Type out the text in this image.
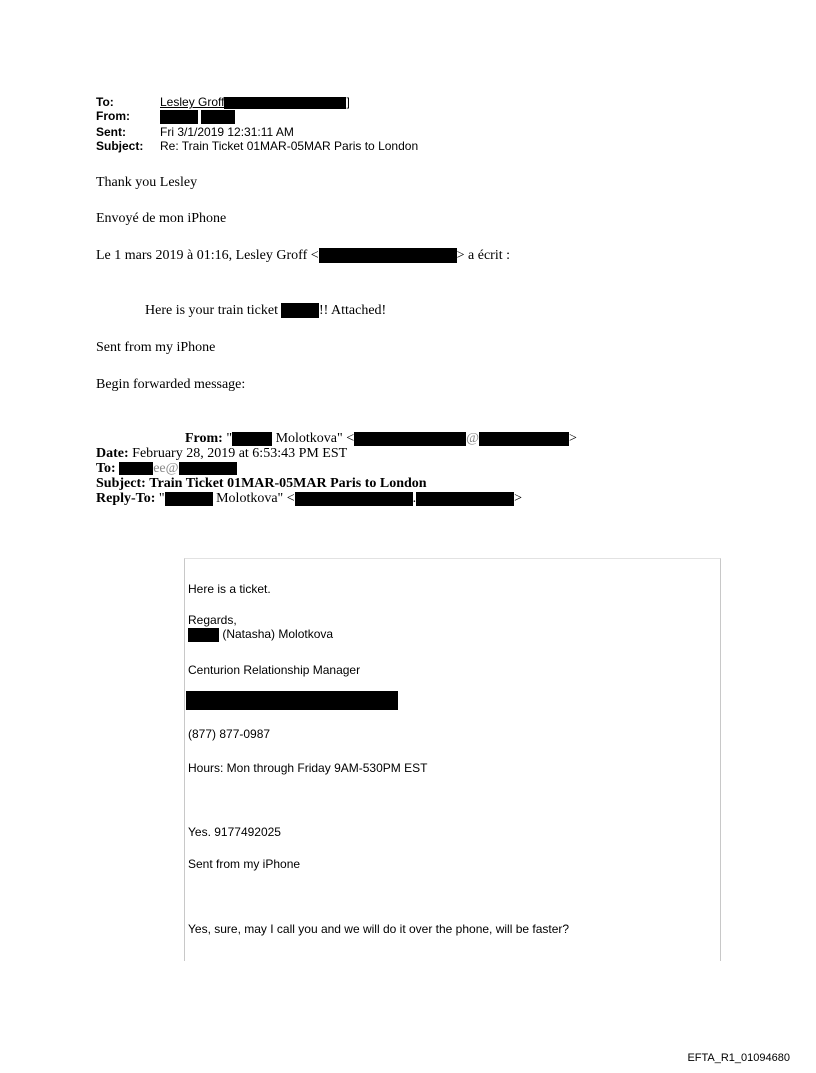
To:	Lesley Groff	]
From:
Sent:	Fri 3/1/2019 12:31:11 AM
Subject: Re: Train Ticket 01MAR-05MAR Paris to London
Thank you Lesley
Envoyé de mon iPhone
Le 1 mars 2019 à 01:16, Lesley Groff <	> a écrit :
Here is your train ticket	!! Attached!
Sent from my iPhone
Begin forwarded message:
From: "	Molotkova" <	@	>
Date: February 28, 2019 at 6:53:43 PM EST
To:	ee@
Subject: Train Ticket 01MAR-05MAR Paris to London
Reply-To: "	Molotkova" <	.	>
Here is a ticket.
Regards,
(Natasha) Molotkova
Centurion Relationship Manager
(877) 877-0987
Hours: Mon through Friday 9AM-530PM EST
Yes. 9177492025
Sent from my iPhone
Yes, sure, may I call you and we will do it over the phone, will be faster?
EFTA_R1_01094680
